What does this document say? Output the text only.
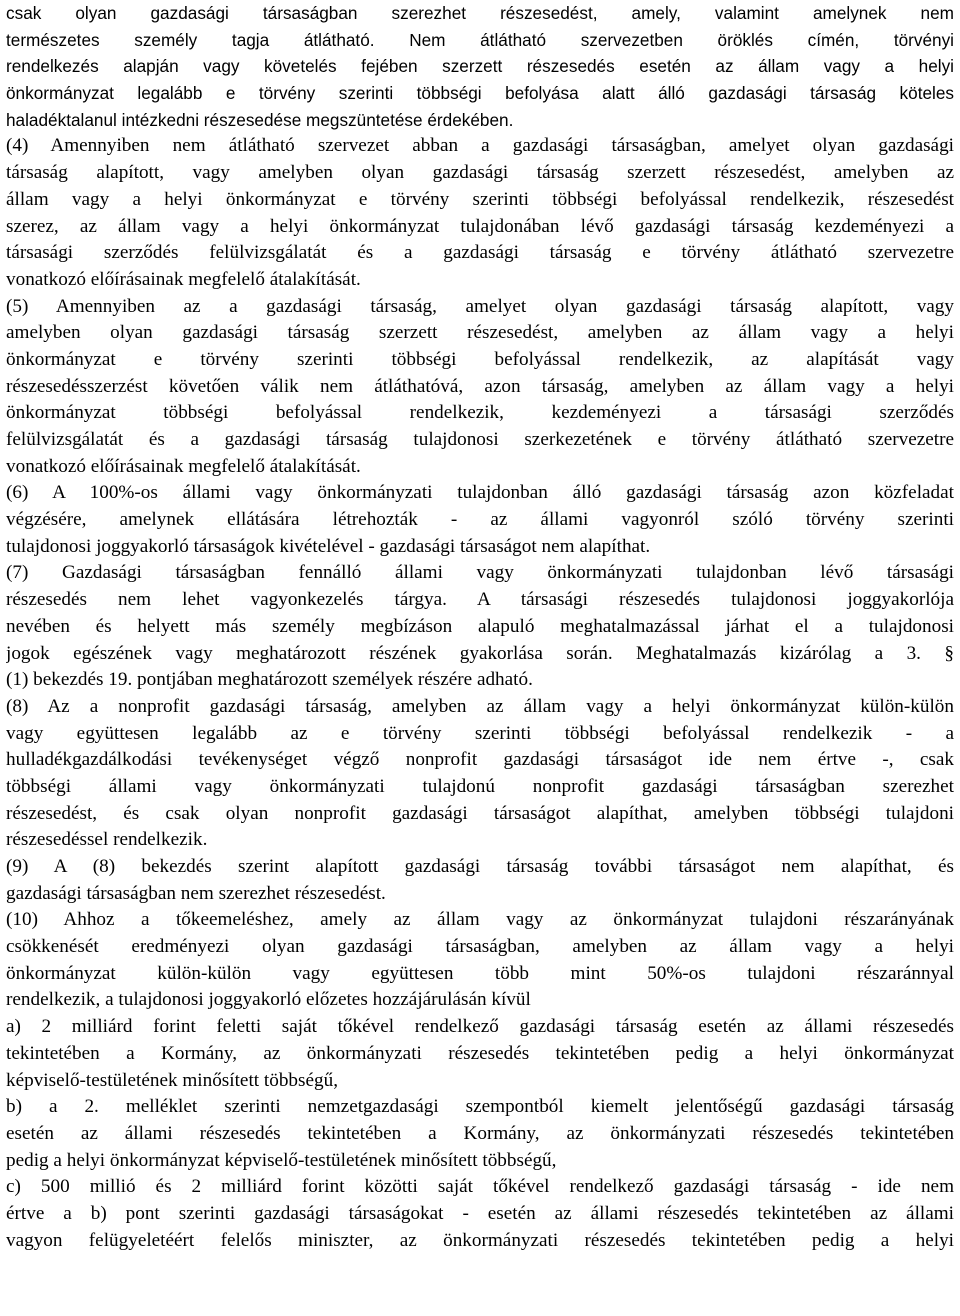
csak olyan gazdasági társaságban szerezhet részesedést, amely, valamint amelynek nem
természetes személy tagja átlátható. Nem átlátható szervezetben öröklés címén, törvényi
rendelkezés alapján vagy követelés fejében szerzett részesedés esetén az állam vagy a helyi
önkormányzat legalább e törvény szerinti többségi befolyása alatt álló gazdasági társaság köteles
haladéktalanul intézkedni részesedése megszüntetése érdekében.
(4) Amennyiben nem átlátható szervezet abban a gazdasági társaságban, amelyet olyan gazdasági
társaság alapított, vagy amelyben olyan gazdasági társaság szerzett részesedést, amelyben az
állam vagy a helyi önkormányzat e törvény szerinti többségi befolyással rendelkezik, részesedést
szerez, az állam vagy a helyi önkormányzat tulajdonában lévő gazdasági társaság kezdeményezi a
társasági szerződés felülvizsgálatát és a gazdasági társaság e törvény átlátható szervezetre
vonatkozó előírásainak megfelelő átalakítását.
(5) Amennyiben az a gazdasági társaság, amelyet olyan gazdasági társaság alapított, vagy
amelyben olyan gazdasági társaság szerzett részesedést, amelyben az állam vagy a helyi
önkormányzat e törvény szerinti többségi befolyással rendelkezik, az alapítását vagy
részesedésszerzést követően válik nem átláthatóvá, azon társaság, amelyben az állam vagy a helyi
önkormányzat többségi befolyással rendelkezik, kezdeményezi a társasági szerződés
felülvizsgálatát és a gazdasági társaság tulajdonosi szerkezetének e törvény átlátható szervezetre
vonatkozó előírásainak megfelelő átalakítását.
(6) A 100%-os állami vagy önkormányzati tulajdonban álló gazdasági társaság azon közfeladat
végzésére, amelynek ellátására létrehozták - az állami vagyonról szóló törvény szerinti
tulajdonosi joggyakorló társaságok kivételével - gazdasági társaságot nem alapíthat.
(7) Gazdasági társaságban fennálló állami vagy önkormányzati tulajdonban lévő társasági
részesedés nem lehet vagyonkezelés tárgya. A társasági részesedés tulajdonosi joggyakorlója
nevében és helyett más személy megbízáson alapuló meghatalmazással járhat el a tulajdonosi
jogok egészének vagy meghatározott részének gyakorlása során. Meghatalmazás kizárólag a 3. §
(1) bekezdés 19. pontjában meghatározott személyek részére adható.
(8) Az a nonprofit gazdasági társaság, amelyben az állam vagy a helyi önkormányzat külön-külön
vagy együttesen legalább az e törvény szerinti többségi befolyással rendelkezik - a
hulladékgazdálkodási tevékenységet végző nonprofit gazdasági társaságot ide nem értve -, csak
többségi állami vagy önkormányzati tulajdonú nonprofit gazdasági társaságban szerezhet
részesedést, és csak olyan nonprofit gazdasági társaságot alapíthat, amelyben többségi tulajdoni
részesedéssel rendelkezik.
(9) A (8) bekezdés szerint alapított gazdasági társaság további társaságot nem alapíthat, és
gazdasági társaságban nem szerezhet részesedést.
(10) Ahhoz a tőkeemeléshez, amely az állam vagy az önkormányzat tulajdoni részarányának
csökkenését eredményezi olyan gazdasági társaságban, amelyben az állam vagy a helyi
önkormányzat külön-külön vagy együttesen több mint 50%-os tulajdoni részaránnyal
rendelkezik, a tulajdonosi joggyakorló előzetes hozzájárulásán kívül
a) 2 milliárd forint feletti saját tőkével rendelkező gazdasági társaság esetén az állami részesedés
tekintetében a Kormány, az önkormányzati részesedés tekintetében pedig a helyi önkormányzat
képviselő-testületének minősített többségű,
b) a 2. melléklet szerinti nemzetgazdasági szempontból kiemelt jelentőségű gazdasági társaság
esetén az állami részesedés tekintetében a Kormány, az önkormányzati részesedés tekintetében
pedig a helyi önkormányzat képviselő-testületének minősített többségű,
c) 500 millió és 2 milliárd forint közötti saját tőkével rendelkező gazdasági társaság - ide nem
értve a b) pont szerinti gazdasági társaságokat - esetén az állami részesedés tekintetében az állami
vagyon felügyeletéért felelős miniszter, az önkormányzati részesedés tekintetében pedig a helyi
